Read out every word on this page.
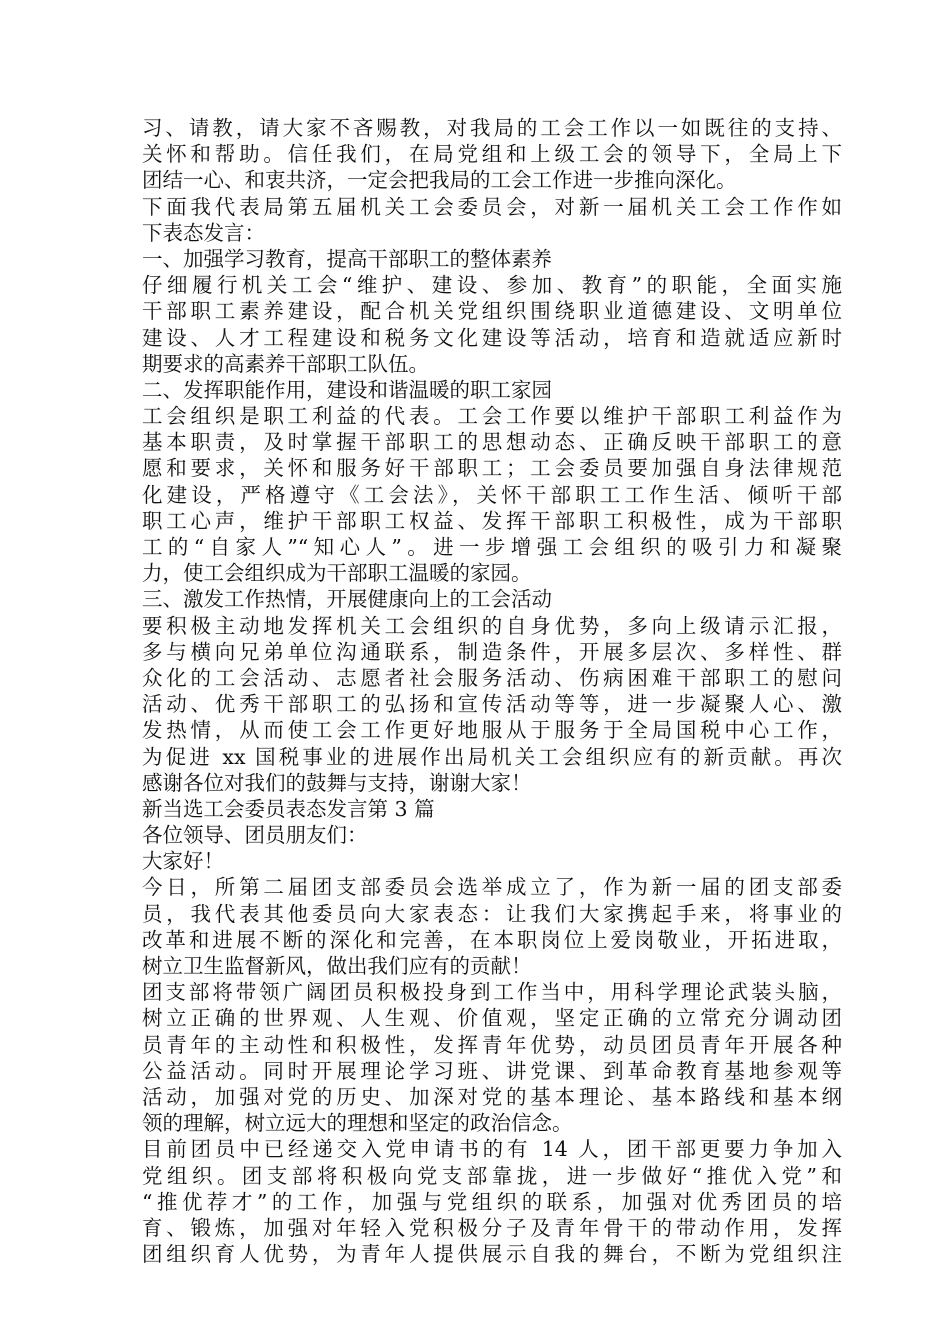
习、请教，请大家不吝赐教，对我局的工会工作以一如既往的支持、
关怀和帮助。信任我们，在局党组和上级工会的领导下，全局上下
团结一心、和衷共济，一定会把我局的工会工作进一步推向深化。
下面我代表局第五届机关工会委员会，对新一届机关工会工作作如
下表态发言：
一、加强学习教育，提高干部职工的整体素养
仔细履行机关工会“维护、建设、参加、教育”的职能，全面实施
干部职工素养建设，配合机关党组织围绕职业道德建设、文明单位
建设、人才工程建设和税务文化建设等活动，培育和造就适应新时
期要求的高素养干部职工队伍。
二、发挥职能作用，建设和谐温暖的职工家园
工会组织是职工利益的代表。工会工作要以维护干部职工利益作为
基本职责，及时掌握干部职工的思想动态、正确反映干部职工的意
愿和要求，关怀和服务好干部职工；工会委员要加强自身法律规范
化建设，严格遵守《工会法》，关怀干部职工工作生活、倾听干部
职工心声，维护干部职工权益、发挥干部职工积极性，成为干部职
工的“自家人”“知心人”。进一步增强工会组织的吸引力和凝聚
力，使工会组织成为干部职工温暖的家园。
三、激发工作热情，开展健康向上的工会活动
要积极主动地发挥机关工会组织的自身优势，多向上级请示汇报，
多与横向兄弟单位沟通联系，制造条件，开展多层次、多样性、群
众化的工会活动、志愿者社会服务活动、伤病困难干部职工的慰问
活动、优秀干部职工的弘扬和宣传活动等等，进一步凝聚人心、激
发热情，从而使工会工作更好地服从于服务于全局国税中心工作，
为促进 xx 国税事业的进展作出局机关工会组织应有的新贡献。再次
感谢各位对我们的鼓舞与支持，谢谢大家！
新当选工会委员表态发言第 3 篇
各位领导、团员朋友们：
大家好！
今日，所第二届团支部委员会选举成立了，作为新一届的团支部委
员，我代表其他委员向大家表态：让我们大家携起手来，将事业的
改革和进展不断的深化和完善，在本职岗位上爱岗敬业，开拓进取，
树立卫生监督新风，做出我们应有的贡献！
团支部将带领广阔团员积极投身到工作当中，用科学理论武装头脑，
树立正确的世界观、人生观、价值观，坚定正确的立常充分调动团
员青年的主动性和积极性，发挥青年优势，动员团员青年开展各种
公益活动。同时开展理论学习班、讲党课、到革命教育基地参观等
活动，加强对党的历史、加深对党的基本理论、基本路线和基本纲
领的理解，树立远大的理想和坚定的政治信念。
目前团员中已经递交入党申请书的有 14 人，团干部更要力争加入
党组织。团支部将积极向党支部靠拢，进一步做好“推优入党”和
“推优荐才”的工作，加强与党组织的联系，加强对优秀团员的培
育、锻炼，加强对年轻入党积极分子及青年骨干的带动作用，发挥
团组织育人优势，为青年人提供展示自我的舞台，不断为党组织注
